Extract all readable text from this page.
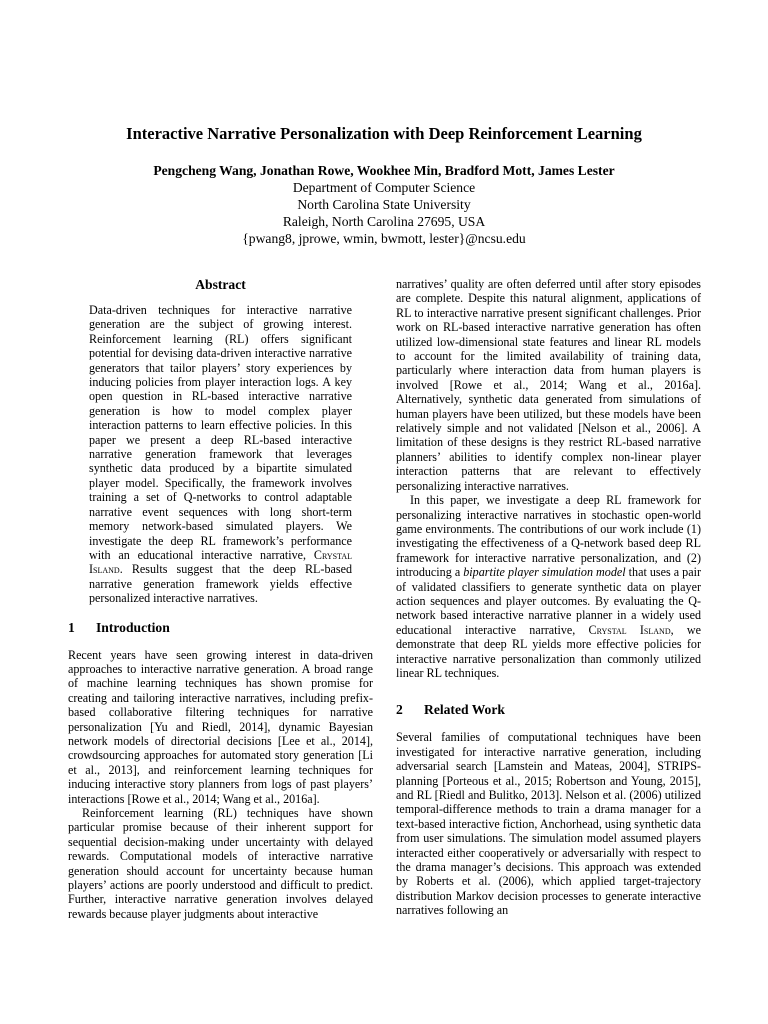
Interactive Narrative Personalization with Deep Reinforcement Learning
Pengcheng Wang, Jonathan Rowe, Wookhee Min, Bradford Mott, James Lester
Department of Computer Science
North Carolina State University
Raleigh, North Carolina 27695, USA
{pwang8, jprowe, wmin, bwmott, lester}@ncsu.edu
Abstract

Data-driven techniques for interactive narrative generation are the subject of growing interest. Reinforcement learning (RL) offers significant potential for devising data-driven interactive narrative generators that tailor players’ story experiences by inducing policies from player interaction logs. A key open question in RL-based interactive narrative generation is how to model complex player interaction patterns to learn effective policies. In this paper we present a deep RL-based interactive narrative generation framework that leverages synthetic data produced by a bipartite simulated player model. Specifically, the framework involves training a set of Q-networks to control adaptable narrative event sequences with long short-term memory network-based simulated players. We investigate the deep RL framework’s performance with an educational interactive narrative, Crystal Island. Results suggest that the deep RL-based narrative generation framework yields effective personalized interactive narratives.

1 Introduction

Recent years have seen growing interest in data-driven approaches to interactive narrative generation. A broad range of machine learning techniques has shown promise for creating and tailoring interactive narratives, including prefix-based collaborative filtering techniques for narrative personalization [Yu and Riedl, 2014], dynamic Bayesian network models of directorial decisions [Lee et al., 2014], crowdsourcing approaches for automated story generation [Li et al., 2013], and reinforcement learning techniques for inducing interactive story planners from logs of past players’ interactions [Rowe et al., 2014; Wang et al., 2016a].

Reinforcement learning (RL) techniques have shown particular promise because of their inherent support for sequential decision-making under uncertainty with delayed rewards. Computational models of interactive narrative generation should account for uncertainty because human players’ actions are poorly understood and difficult to predict. Further, interactive narrative generation involves delayed rewards because player judgments about interactive

narratives’ quality are often deferred until after story episodes are complete. Despite this natural alignment, applications of RL to interactive narrative present significant challenges. Prior work on RL-based interactive narrative generation has often utilized low-dimensional state features and linear RL models to account for the limited availability of training data, particularly where interaction data from human players is involved [Rowe et al., 2014; Wang et al., 2016a]. Alternatively, synthetic data generated from simulations of human players have been utilized, but these models have been relatively simple and not validated [Nelson et al., 2006]. A limitation of these designs is they restrict RL-based narrative planners’ abilities to identify complex non-linear player interaction patterns that are relevant to effectively personalizing interactive narratives.

In this paper, we investigate a deep RL framework for personalizing interactive narratives in stochastic open-world game environments. The contributions of our work include (1) investigating the effectiveness of a Q-network based deep RL framework for interactive narrative personalization, and (2) introducing a bipartite player simulation model that uses a pair of validated classifiers to generate synthetic data on player action sequences and player outcomes. By evaluating the Q-network based interactive narrative planner in a widely used educational interactive narrative, Crystal Island, we demonstrate that deep RL yields more effective policies for interactive narrative personalization than commonly utilized linear RL techniques.

2 Related Work

Several families of computational techniques have been investigated for interactive narrative generation, including adversarial search [Lamstein and Mateas, 2004], STRIPS-planning [Porteous et al., 2015; Robertson and Young, 2015], and RL [Riedl and Bulitko, 2013]. Nelson et al. (2006) utilized temporal-difference methods to train a drama manager for a text-based interactive fiction, Anchorhead, using synthetic data from user simulations. The simulation model assumed players interacted either cooperatively or adversarially with respect to the drama manager’s decisions. This approach was extended by Roberts et al. (2006), which applied target-trajectory distribution Markov decision processes to generate interactive narratives following an
